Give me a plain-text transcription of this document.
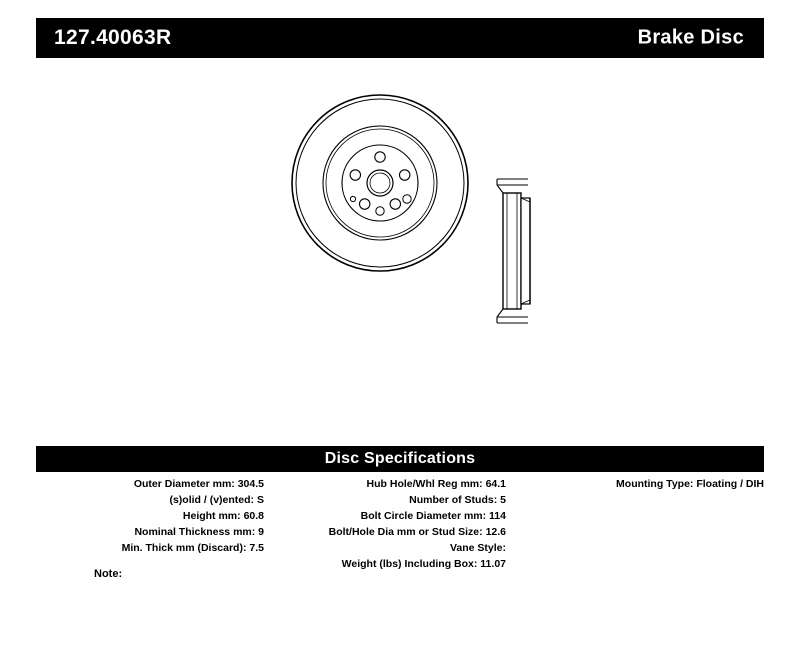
127.40063R	Brake Disc
Disc Specifications
Outer Diameter mm: 304.5
(s)olid / (v)ented: S
Height mm: 60.8
Nominal Thickness mm: 9
Min. Thick mm (Discard): 7.5
Hub Hole/Whl Reg mm: 64.1
Number of Studs: 5
Bolt Circle Diameter mm: 114
Bolt/Hole Dia mm or Stud Size: 12.6
Vane Style:
Weight (lbs) Including Box: 11.07
Mounting Type: Floating / DIH
Note:
